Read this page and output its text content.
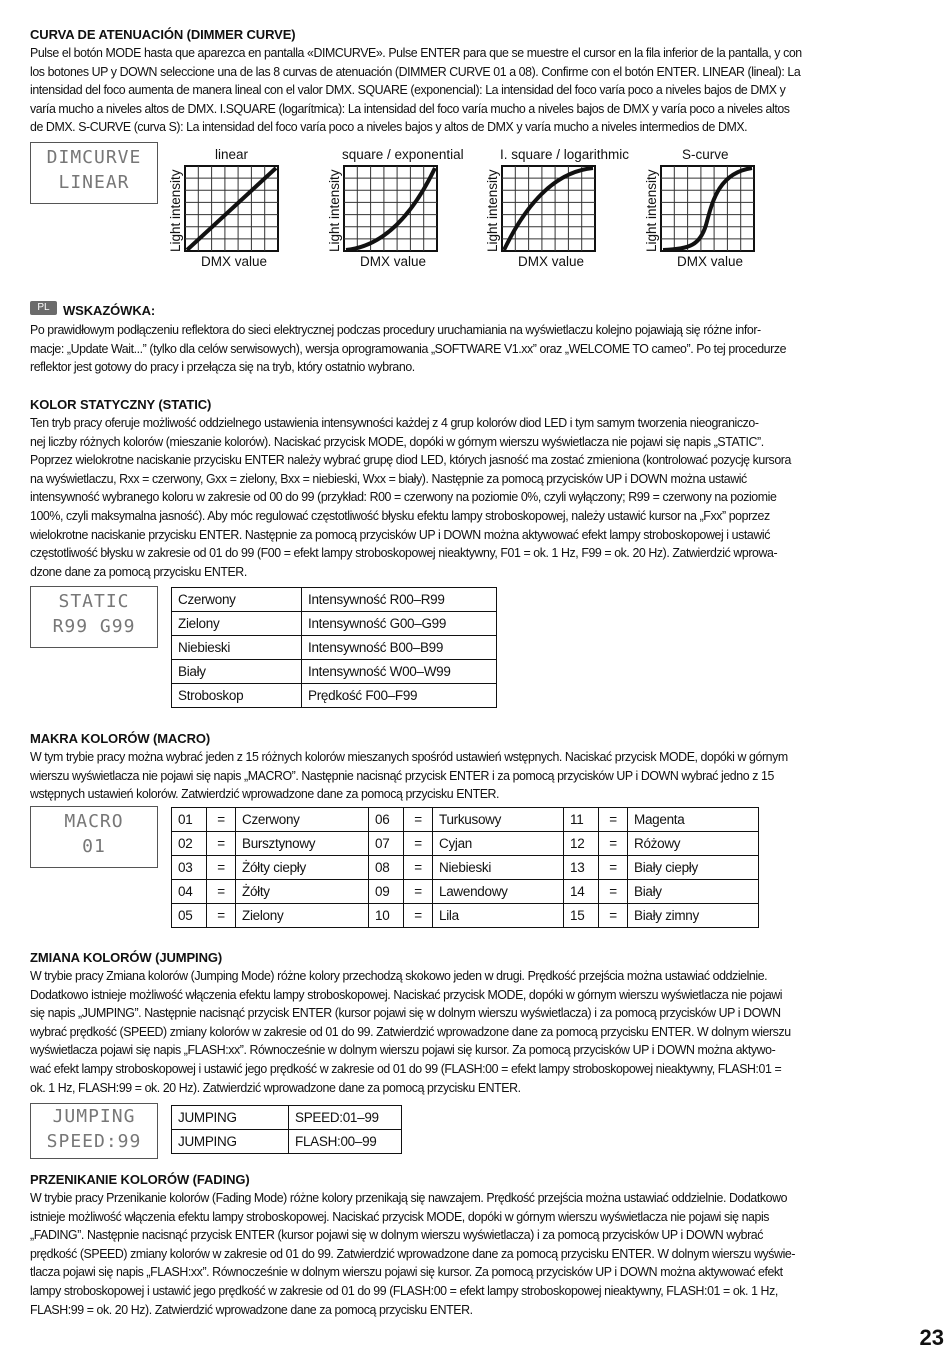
CURVA DE ATENUACIÓN (DIMMER CURVE)
Pulse el botón MODE hasta que aparezca en pantalla «DIMCURVE». Pulse ENTER para que se muestre el cursor en la fila inferior de la pantalla, y con
los botones UP y DOWN seleccione una de las 8 curvas de atenuación (DIMMER CURVE 01 a 08). Confirme con el botón ENTER. LINEAR (lineal): La
intensidad del foco aumenta de manera lineal con el valor DMX. SQUARE (exponencial): La intensidad del foco varía poco a niveles bajos de DMX y
varía mucho a niveles altos de DMX. I.SQUARE (logarítmica): La intensidad del foco varía mucho a niveles bajos de DMX y varía poco a niveles altos
de DMX. S-CURVE (curva S): La intensidad del foco varía poco a niveles bajos y altos de DMX y varía mucho a niveles intermedios de DMX.
DIMCURVE
LINEAR
linear
Light intensity
DMX value
square / exponential
Light intensity
DMX value
I. square / logarithmic
Light intensity
DMX value
S-curve
Light intensity
DMX value
PL	WSKAZÓWKA:
Po prawidłowym podłączeniu reflektora do sieci elektrycznej podczas procedury uruchamiania na wyświetlaczu kolejno pojawiają się różne infor-
macje: „Update Wait...” (tylko dla celów serwisowych), wersja oprogramowania „SOFTWARE V1.xx” oraz „WELCOME TO cameo”. Po tej procedurze
reflektor jest gotowy do pracy i przełącza się na tryb, który ostatnio wybrano.
KOLOR STATYCZNY (STATIC)
Ten tryb pracy oferuje możliwość oddzielnego ustawienia intensywności każdej z 4 grup kolorów diod LED i tym samym tworzenia nieograniczo-
nej liczby różnych kolorów (mieszanie kolorów). Naciskać przycisk MODE, dopóki w górnym wierszu wyświetlacza nie pojawi się napis „STATIC”.
Poprzez wielokrotne naciskanie przycisku ENTER należy wybrać grupę diod LED, których jasność ma zostać zmieniona (kontrolować pozycję kursora
na wyświetlaczu, Rxx = czerwony, Gxx = zielony, Bxx = niebieski, Wxx = biały). Następnie za pomocą przycisków UP i DOWN można ustawić
intensywność wybranego koloru w zakresie od 00 do 99 (przykład: R00 = czerwony na poziomie 0%, czyli wyłączony; R99 = czerwony na poziomie
100%, czyli maksymalna jasność). Aby móc regulować częstotliwość błysku efektu lampy stroboskopowej, należy ustawić kursor na „Fxx” poprzez
wielokrotne naciskanie przycisku ENTER. Następnie za pomocą przycisków UP i DOWN można aktywować efekt lampy stroboskopowej i ustawić
częstotliwość błysku w zakresie od 01 do 99 (F00 = efekt lampy stroboskopowej nieaktywny, F01 = ok. 1 Hz, F99 = ok. 20 Hz). Zatwierdzić wprowa-
dzone dane za pomocą przycisku ENTER.
STATIC
R99 G99
Czerwony	Intensywność R00–R99
Zielony	Intensywność G00–G99
Niebieski	Intensywność B00–B99
Biały	Intensywność W00–W99
Stroboskop	Prędkość F00–F99
MAKRA KOLORÓW (MACRO)
W tym trybie pracy można wybrać jeden z 15 różnych kolorów mieszanych spośród ustawień wstępnych. Naciskać przycisk MODE, dopóki w górnym
wierszu wyświetlacza nie pojawi się napis „MACRO”. Następnie nacisnąć przycisk ENTER i za pomocą przycisków UP i DOWN wybrać jedno z 15
wstępnych ustawień kolorów. Zatwierdzić wprowadzone dane za pomocą przycisku ENTER.
MACRO
01
01	=	Czerwony	06	=	Turkusowy	11	=	Magenta
02	=	Bursztynowy	07	=	Cyjan	12	=	Różowy
03	=	Żółty ciepły	08	=	Niebieski	13	=	Biały ciepły
04	=	Żółty	09	=	Lawendowy	14	=	Biały
05	=	Zielony	10	=	Lila	15	=	Biały zimny
ZMIANA KOLORÓW (JUMPING)
W trybie pracy Zmiana kolorów (Jumping Mode) różne kolory przechodzą skokowo jeden w drugi. Prędkość przejścia można ustawiać oddzielnie.
Dodatkowo istnieje możliwość włączenia efektu lampy stroboskopowej. Naciskać przycisk MODE, dopóki w górnym wierszu wyświetlacza nie pojawi
się napis „JUMPING”. Następnie nacisnąć przycisk ENTER (kursor pojawi się w dolnym wierszu wyświetlacza) i za pomocą przycisków UP i DOWN
wybrać prędkość (SPEED) zmiany kolorów w zakresie od 01 do 99. Zatwierdzić wprowadzone dane za pomocą przycisku ENTER. W dolnym wierszu
wyświetlacza pojawi się napis „FLASH:xx”. Równocześnie w dolnym wierszu pojawi się kursor. Za pomocą przycisków UP i DOWN można aktywo-
wać efekt lampy stroboskopowej i ustawić jego prędkość w zakresie od 01 do 99 (FLASH:00 = efekt lampy stroboskopowej nieaktywny, FLASH:01 =
ok. 1 Hz, FLASH:99 = ok. 20 Hz). Zatwierdzić wprowadzone dane za pomocą przycisku ENTER.
JUMPING
SPEED:99
JUMPING	SPEED:01–99
JUMPING	FLASH:00–99
PRZENIKANIE KOLORÓW (FADING)
W trybie pracy Przenikanie kolorów (Fading Mode) różne kolory przenikają się nawzajem. Prędkość przejścia można ustawiać oddzielnie. Dodatkowo
istnieje możliwość włączenia efektu lampy stroboskopowej. Naciskać przycisk MODE, dopóki w górnym wierszu wyświetlacza nie pojawi się napis
„FADING”. Następnie nacisnąć przycisk ENTER (kursor pojawi się w dolnym wierszu wyświetlacza) i za pomocą przycisków UP i DOWN wybrać
prędkość (SPEED) zmiany kolorów w zakresie od 01 do 99. Zatwierdzić wprowadzone dane za pomocą przycisku ENTER. W dolnym wierszu wyświe-
tlacza pojawi się napis „FLASH:xx”. Równocześnie w dolnym wierszu pojawi się kursor. Za pomocą przycisków UP i DOWN można aktywować efekt
lampy stroboskopowej i ustawić jego prędkość w zakresie od 01 do 99 (FLASH:00 = efekt lampy stroboskopowej nieaktywny, FLASH:01 = ok. 1 Hz,
FLASH:99 = ok. 20 Hz). Zatwierdzić wprowadzone dane za pomocą przycisku ENTER.
23
